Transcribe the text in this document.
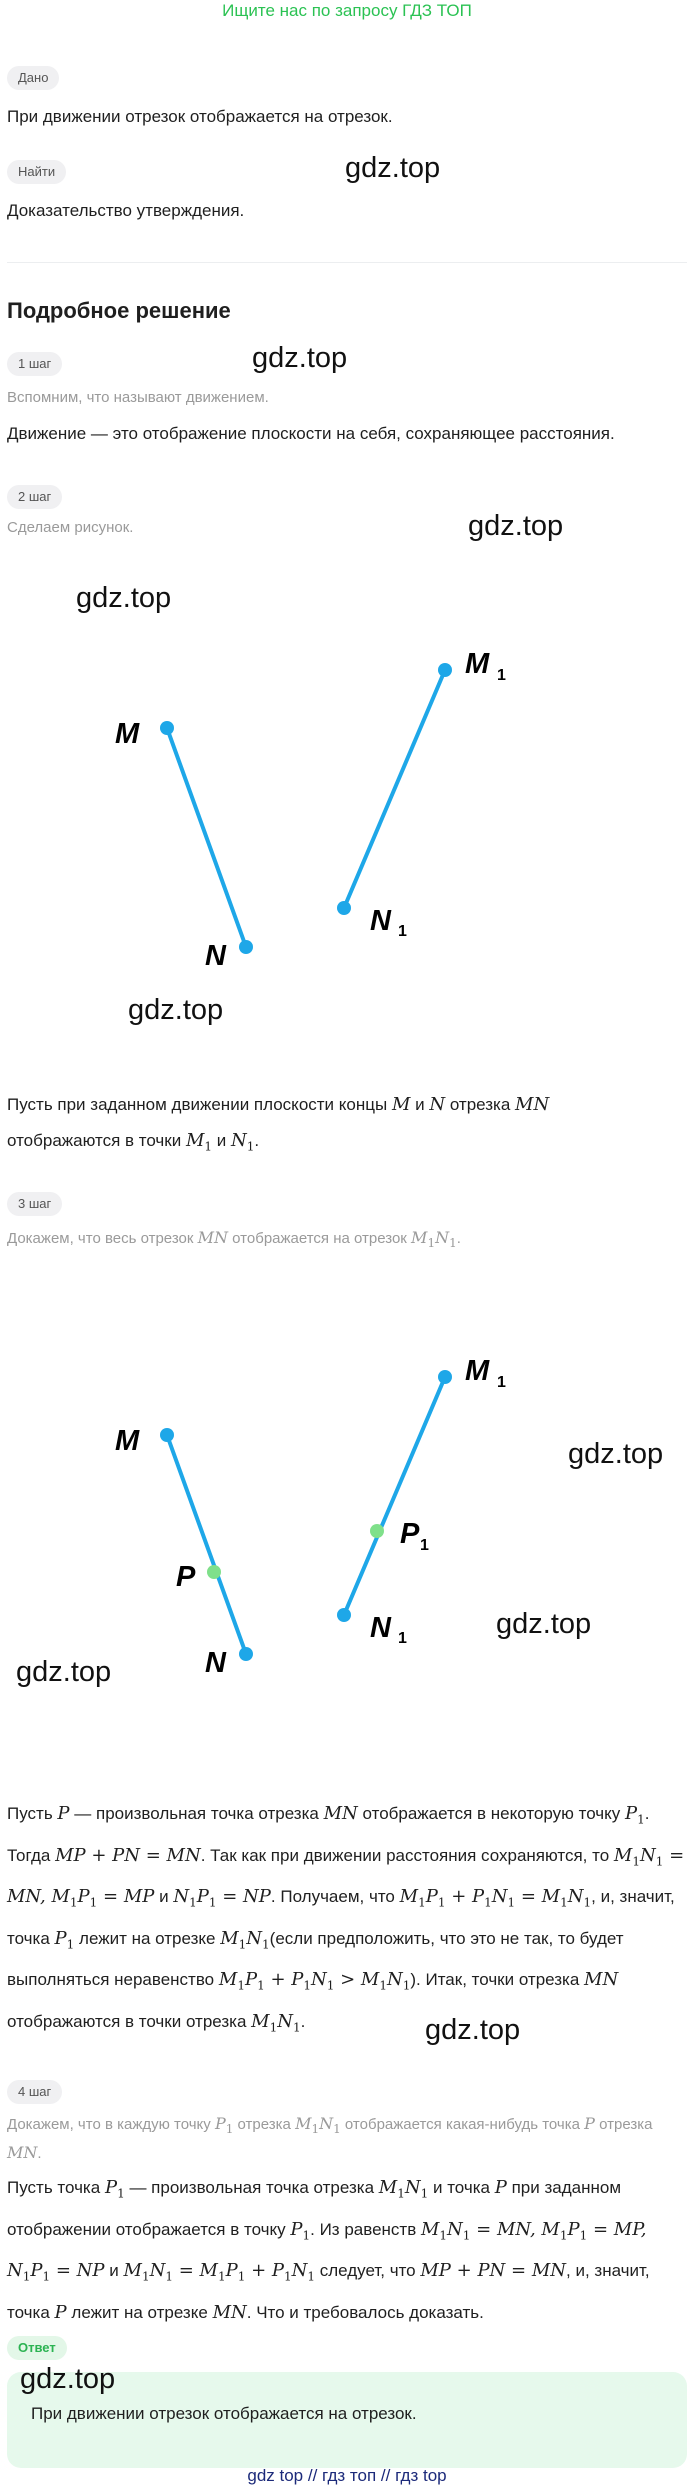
Ищите нас по запросу ГДЗ ТОП
Дано
При движении отрезок отображается на отрезок.
Найти
Доказательство утверждения.
Подробное решение
1 шаг
Вспомним, что называют движением.
Движение — это отображение плоскости на себя, сохраняющее расстояния.
2 шаг
Сделаем рисунок.
M
N
N 1
M 1
Пусть при заданном движении плоскости концы M и N отрезка MN
отображаются в точки $M_1$ и $N_1$.
3 шаг
Докажем, что весь отрезок MN отображается на отрезок $M_1N_1$.
M
N
P
N 1
P 1
M 1
Пусть P — произвольная точка отрезка MN отображается в некоторую точку $P_1$. Тогда MP + PN = MN. Так как при движении расстояния сохраняются, то $M_1N_1$ = MN, $M_1P_1$ = MP и $N_1P_1$ = NP. Получаем, что $M_1P_1 + P_1N_1 = M_1N_1$, и, значит, точка $P_1$ лежит на отрезке $M_1N_1(если$ предположить, что это не так, то будет выполняться неравенство $M_1P_1 + P_1N_1 > M_1N_1$). Итак, точки отрезка MN отображаются в точки отрезка $M_1N_1$.
4 шаг
Докажем, что в каждую точку $P_1$ отрезка $M_1N_1$ отображается какая-нибудь точка P отрезка MN.
Пусть точка $P_1$ — произвольная точка отрезка $M_1N_1$ и точка P при заданном отображении отображается в точку $P_1$. Из равенств $M_1N_1$ = MN, $M_1P_1$ = MP, $N_1P_1$ = NP и $M_1N_1 = M_1P_1 + P_1N_1$ следует, что MP + PN = MN, и, значит, точка P лежит на отрезке MN. Что и требовалось доказать.
Ответ
При движении отрезок отображается на отрезок.
gdz.top
gdz.top
gdz.top
gdz.top
gdz.top
gdz.top
gdz.top
gdz.top
gdz.top
gdz.top
gdz top // гдз топ // гдз top
